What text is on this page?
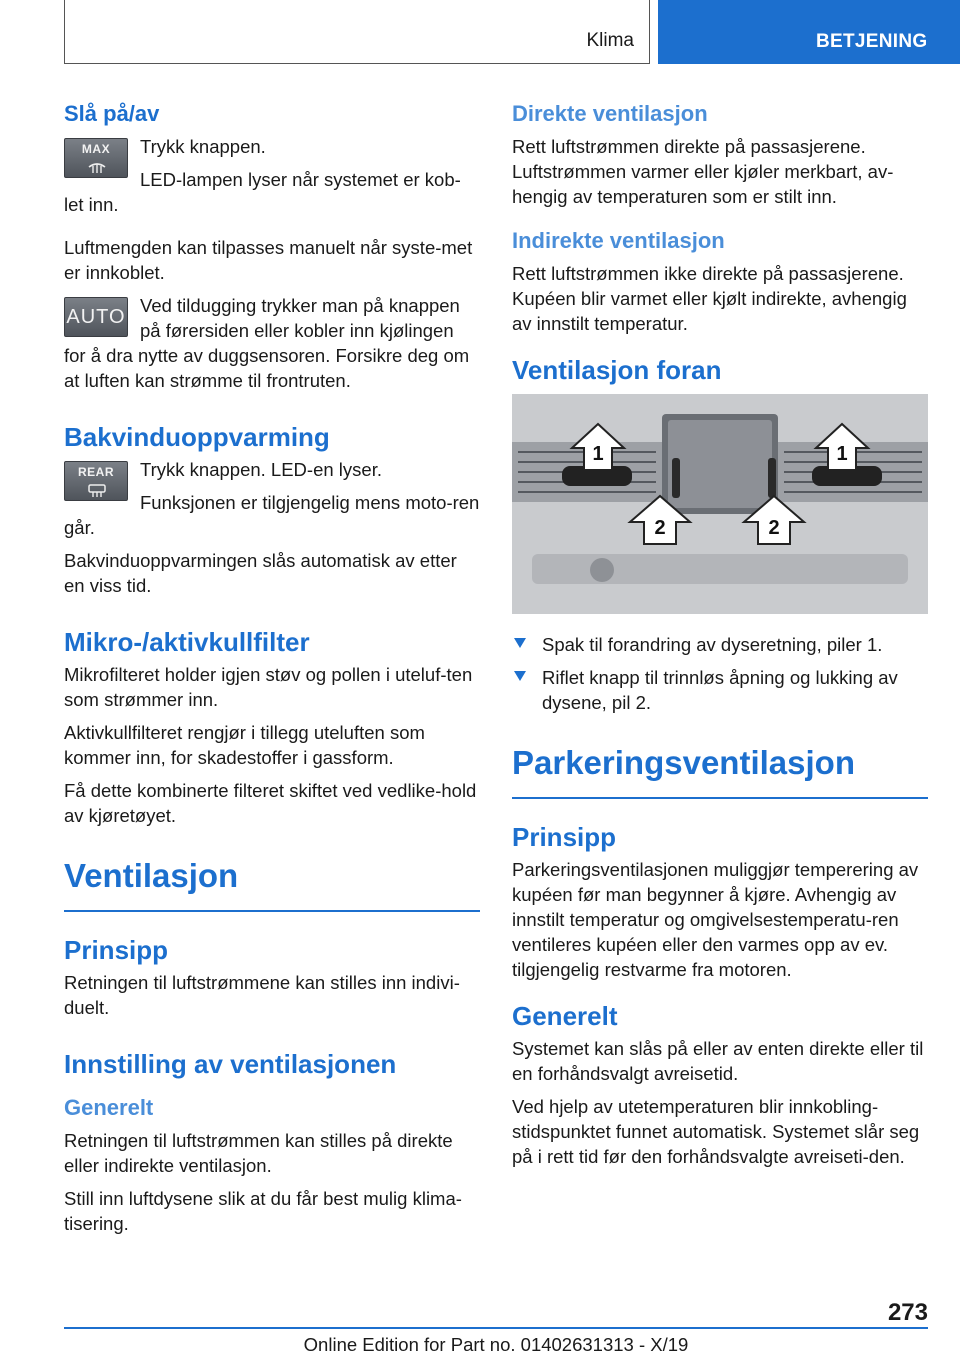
Klima	BETJENING
Slå på/av
MAX	Trykk knappen.

LED-lampen lyser når systemet er kob-let inn.

Luftmengden kan tilpasses manuelt når syste-met er innkoblet.

AUTO

Ved tildugging trykker man på knappen på førersiden eller kobler inn kjølingen for å dra nytte av duggsensoren. Forsikre deg om at luften kan strømme til frontruten.

Bakvinduoppvarming
REAR	Trykk knappen. LED-en lyser.

Funksjonen er tilgjengelig mens moto-ren går.

Bakvinduoppvarmingen slås automatisk av etter en viss tid.

Mikro-/aktivkullfilter

Mikrofilteret holder igjen støv og pollen i uteluf-ten som strømmer inn.

Aktivkullfilteret rengjør i tillegg uteluften som kommer inn, for skadestoffer i gassform.

Få dette kombinerte filteret skiftet ved vedlike-hold av kjøretøyet.

Ventilasjon
Prinsipp

Retningen til luftstrømmene kan stilles inn indivi-duelt.

Innstilling av ventilasjonen
Generelt

Retningen til luftstrømmen kan stilles på direkte eller indirekte ventilasjon.

Still inn luftdysene slik at du får best mulig klima-tisering.

Direkte ventilasjon

Rett luftstrømmen direkte på passasjerene. Luftstrømmen varmer eller kjøler merkbart, av-hengig av temperaturen som er stilt inn.

Indirekte ventilasjon

Rett luftstrømmen ikke direkte på passasjerene. Kupéen blir varmet eller kjølt indirekte, avhengig av innstilt temperatur.

Ventilasjon foran
1	1
2	2
Spak til forandring av dyseretning, piler 1.
Riflet knapp til trinnløs åpning og lukking av dysene, pil 2.
Parkeringsventilasjon
Prinsipp

Parkeringsventilasjonen muliggjør temperering av kupéen før man begynner å kjøre. Avhengig av innstilt temperatur og omgivelsestemperatu-ren ventileres kupéen eller den varmes opp av ev. tilgjengelig restvarme fra motoren.

Generelt

Systemet kan slås på eller av enten direkte eller til en forhåndsvalgt avreisetid.

Ved hjelp av utetemperaturen blir innkobling-stidspunktet funnet automatisk. Systemet slår seg på i rett tid før den forhåndsvalgte avreiseti-den.

273
Online Edition for Part no. 01402631313 - X/19
